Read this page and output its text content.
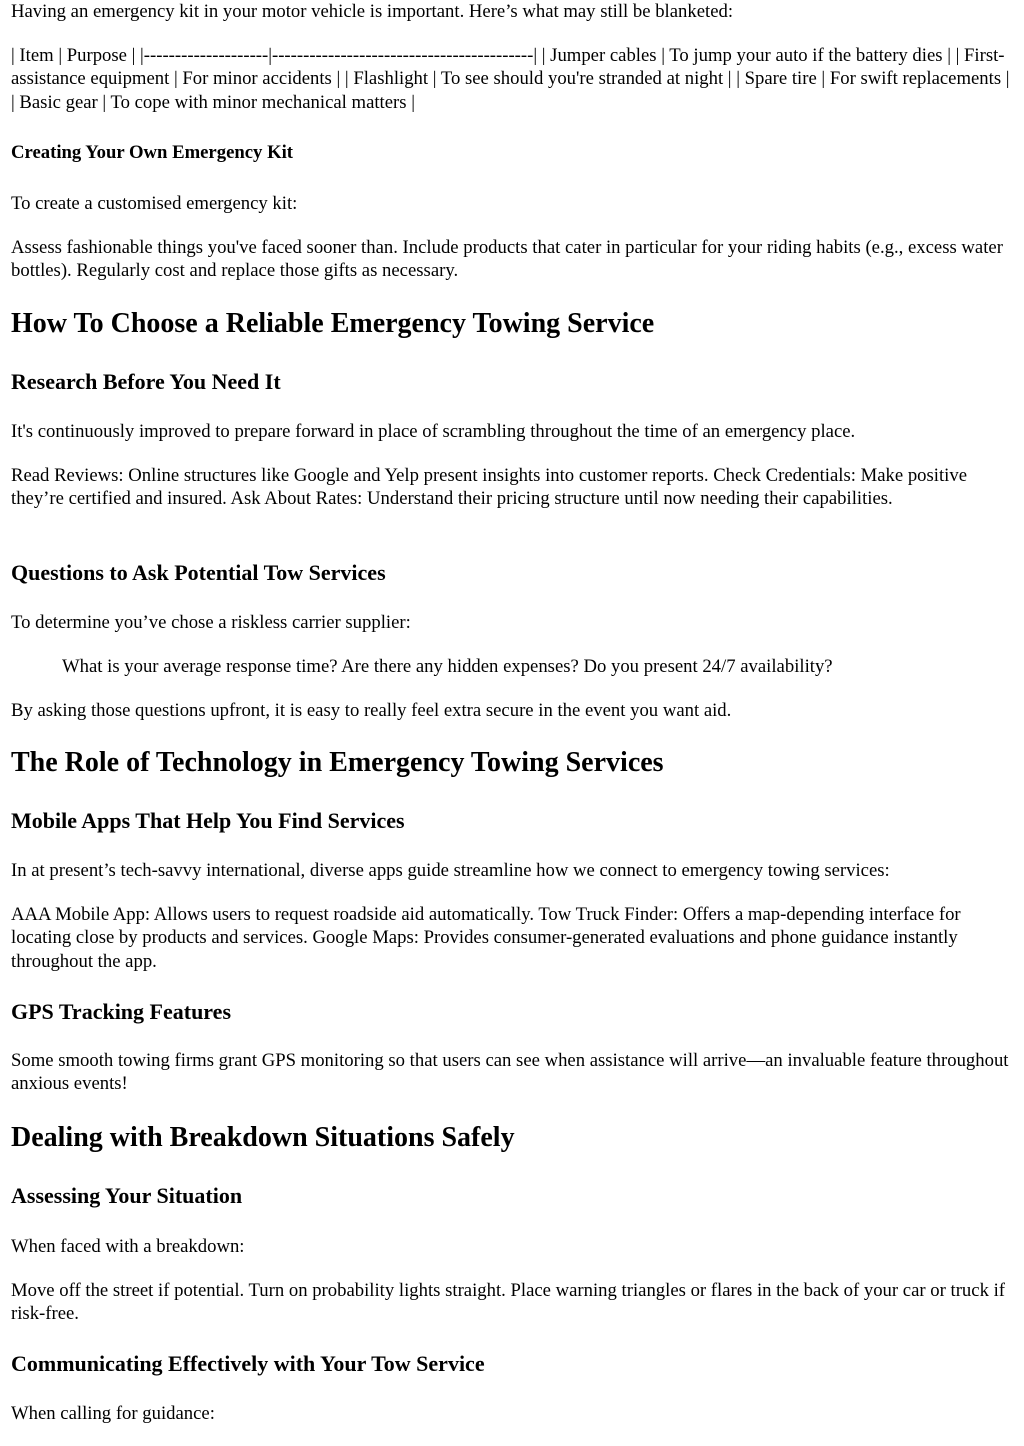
Having an emergency kit in your motor vehicle is important. Here’s what may still be blanketed:

| Item | Purpose | |--------------------|------------------------------------------| | Jumper cables | To jump your auto if the battery dies | | First-assistance equipment | For minor accidents | | Flashlight | To see should you're stranded at night | | Spare tire | For swift replacements | | Basic gear | To cope with minor mechanical matters |

Creating Your Own Emergency Kit

To create a customised emergency kit:

Assess fashionable things you've faced sooner than. Include products that cater in particular for your riding habits (e.g., excess water bottles). Regularly cost and replace those gifts as necessary.

How To Choose a Reliable Emergency Towing Service
Research Before You Need It

It's continuously improved to prepare forward in place of scrambling throughout the time of an emergency place.

Read Reviews: Online structures like Google and Yelp present insights into customer reports. Check Credentials: Make positive they’re certified and insured. Ask About Rates: Understand their pricing structure until now needing their capabilities.

Questions to Ask Potential Tow Services

To determine you’ve chose a riskless carrier supplier:

What is your average response time? Are there any hidden expenses? Do you present 24/7 availability?

By asking those questions upfront, it is easy to really feel extra secure in the event you want aid.

The Role of Technology in Emergency Towing Services
Mobile Apps That Help You Find Services

In at present’s tech-savvy international, diverse apps guide streamline how we connect to emergency towing services:

AAA Mobile App: Allows users to request roadside aid automatically. Tow Truck Finder: Offers a map-depending interface for locating close by products and services. Google Maps: Provides consumer-generated evaluations and phone guidance instantly throughout the app.

GPS Tracking Features

Some smooth towing firms grant GPS monitoring so that users can see when assistance will arrive—an invaluable feature throughout anxious events!

Dealing with Breakdown Situations Safely
Assessing Your Situation

When faced with a breakdown:

Move off the street if potential. Turn on probability lights straight. Place warning triangles or flares in the back of your car or truck if risk-free.

Communicating Effectively with Your Tow Service

When calling for guidance:
